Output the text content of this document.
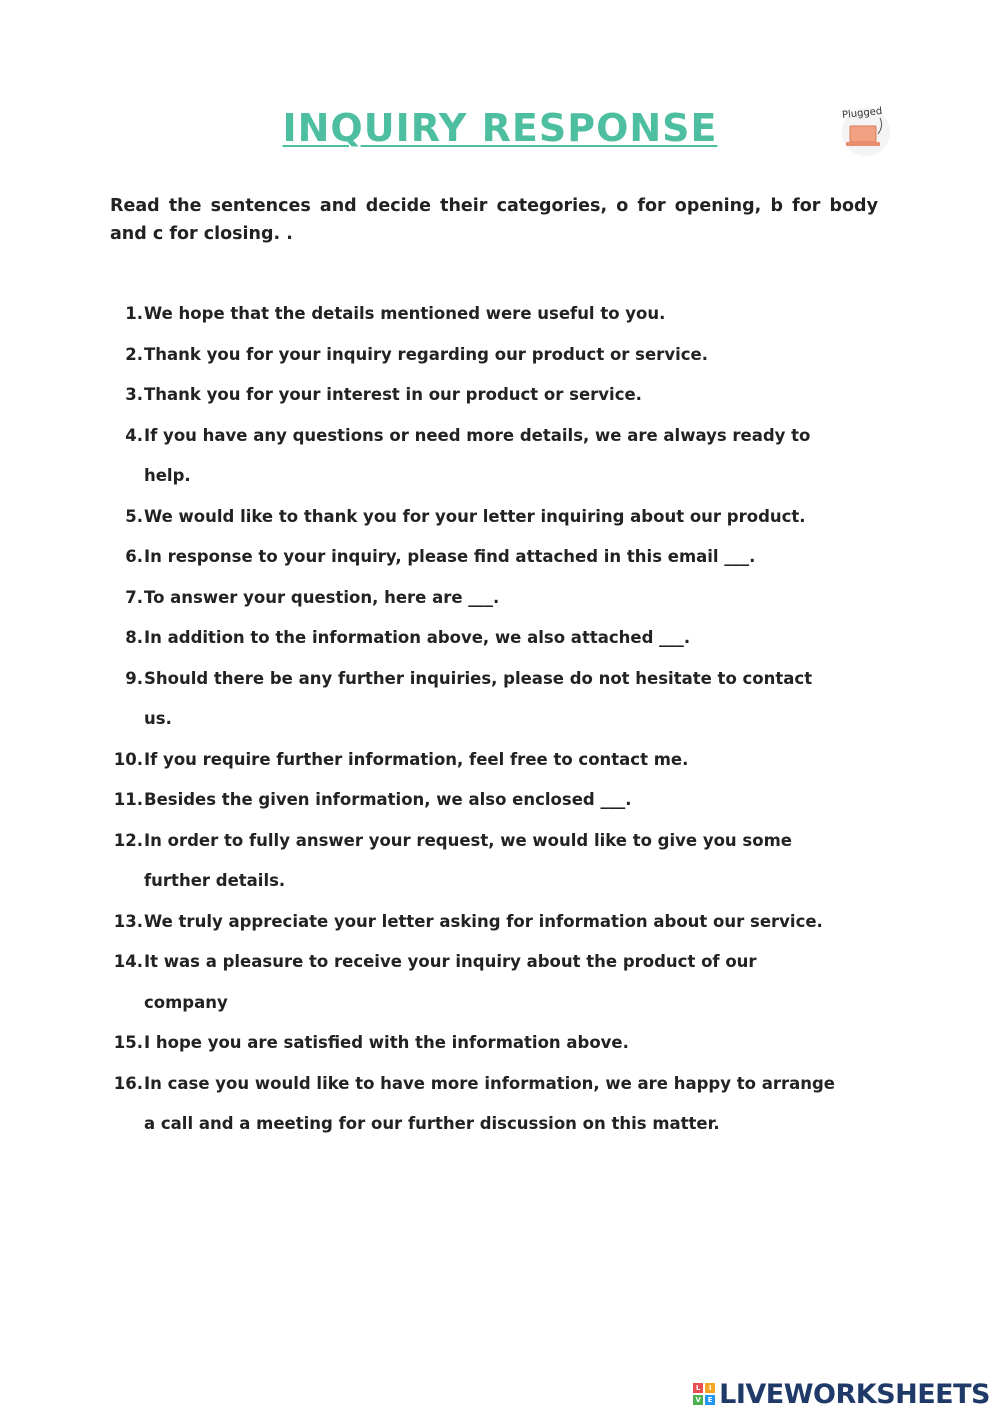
INQUIRY RESPONSE	Plugged

Read the sentences and decide their categories, o for opening, b for body and c for closing. .

1. We hope that the details mentioned were useful to you.
2. Thank you for your inquiry regarding our product or service.
3. Thank you for your interest in our product or service.
4. If you have any questions or need more details, we are always ready to help.
5. We would like to thank you for your letter inquiring about our product.
6. In response to your inquiry, please find attached in this email ___.
7. To answer your question, here are ___.
8. In addition to the information above, we also attached ___.
9. Should there be any further inquiries, please do not hesitate to contact us.
10. If you require further information, feel free to contact me.
11. Besides the given information, we also enclosed ___.
12. In order to fully answer your request, we would like to give you some further details.
13. We truly appreciate your letter asking for information about our service.
14. It was a pleasure to receive your inquiry about the product of our company
15. I hope you are satisfied with the information above.
16. In case you would like to have more information, we are happy to arrange a call and a meeting for our further discussion on this matter.
L	I
V E LIVEWORKSHEETS
